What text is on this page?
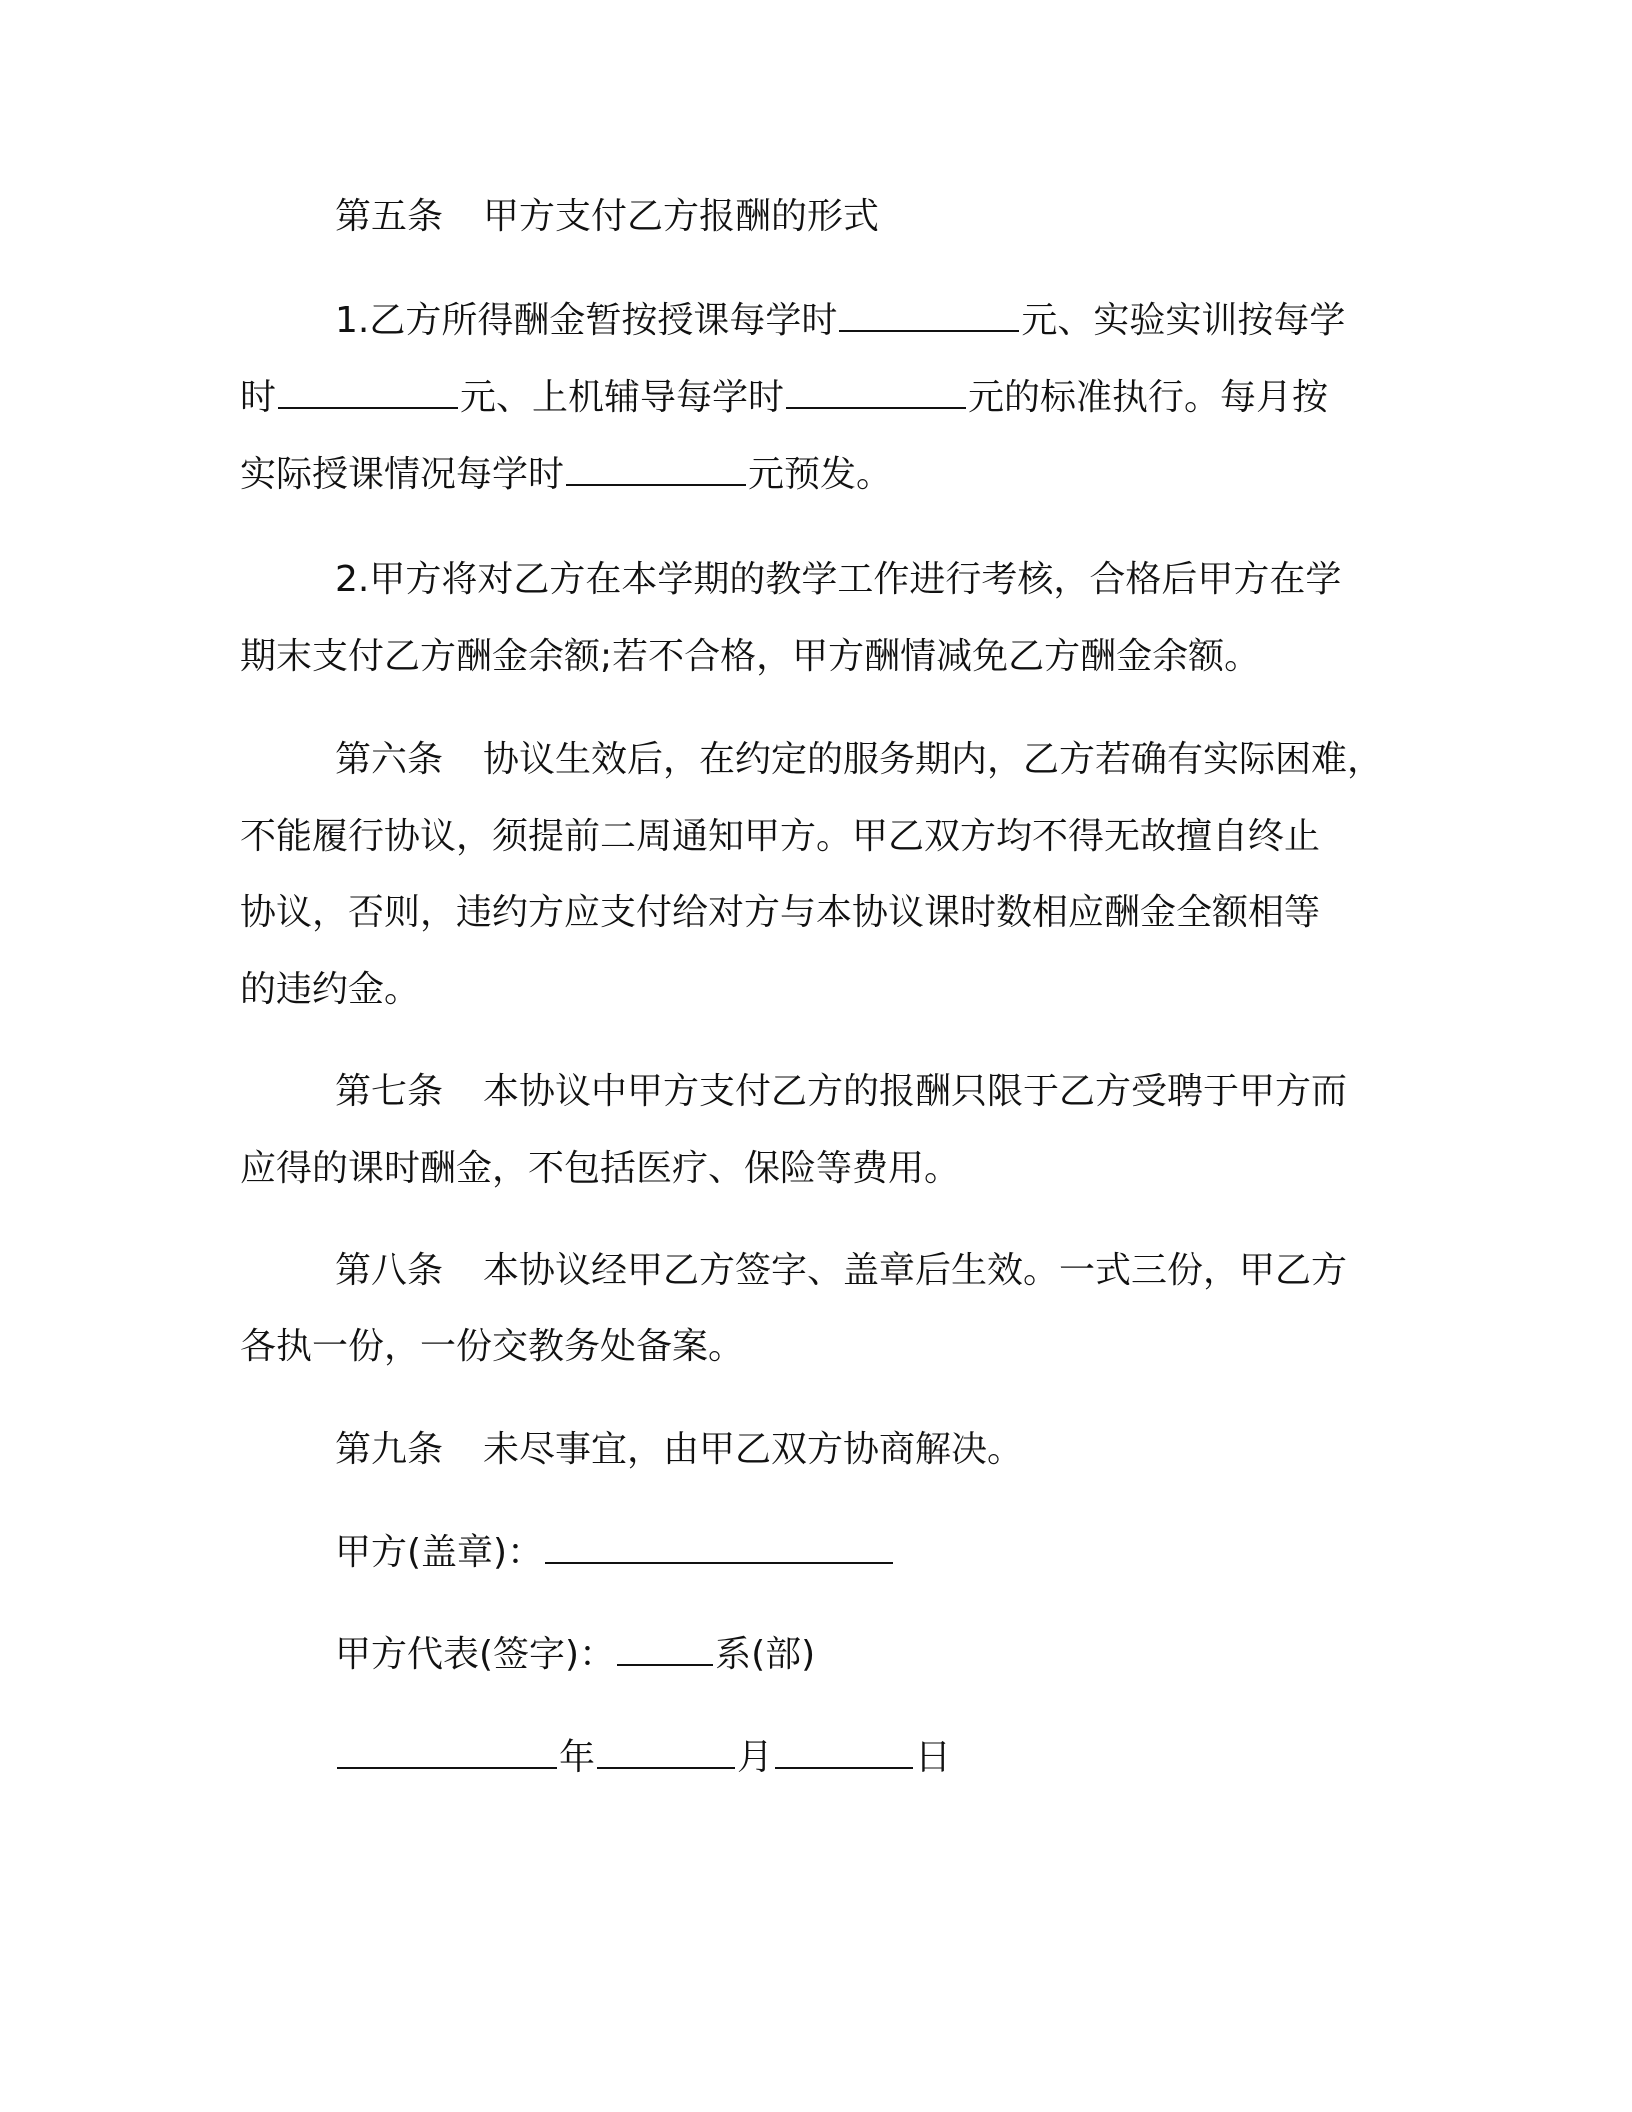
第五条 甲方支付乙方报酬的形式
1.乙方所得酬金暂按授课每学时	元、实验实训按每学
时	元、上机辅导每学时	元的标准执行。每月按
实际授课情况每学时	元预发。
2.甲方将对乙方在本学期的教学工作进行考核，合格后甲方在学
期末支付乙方酬金余额;若不合格，甲方酬情减免乙方酬金余额。
第六条 协议生效后，在约定的服务期内，乙方若确有实际困难，
不能履行协议，须提前二周通知甲方。甲乙双方均不得无故擅自终止
协议，否则，违约方应支付给对方与本协议课时数相应酬金全额相等
的违约金。
第七条 本协议中甲方支付乙方的报酬只限于乙方受聘于甲方而
应得的课时酬金，不包括医疗、保险等费用。
第八条 本协议经甲乙方签字、盖章后生效。一式三份，甲乙方
各执一份，一份交教务处备案。
第九条 未尽事宜，由甲乙双方协商解决。
甲方(盖章)：
甲方代表(签字)：	系(部)
年	月	日
